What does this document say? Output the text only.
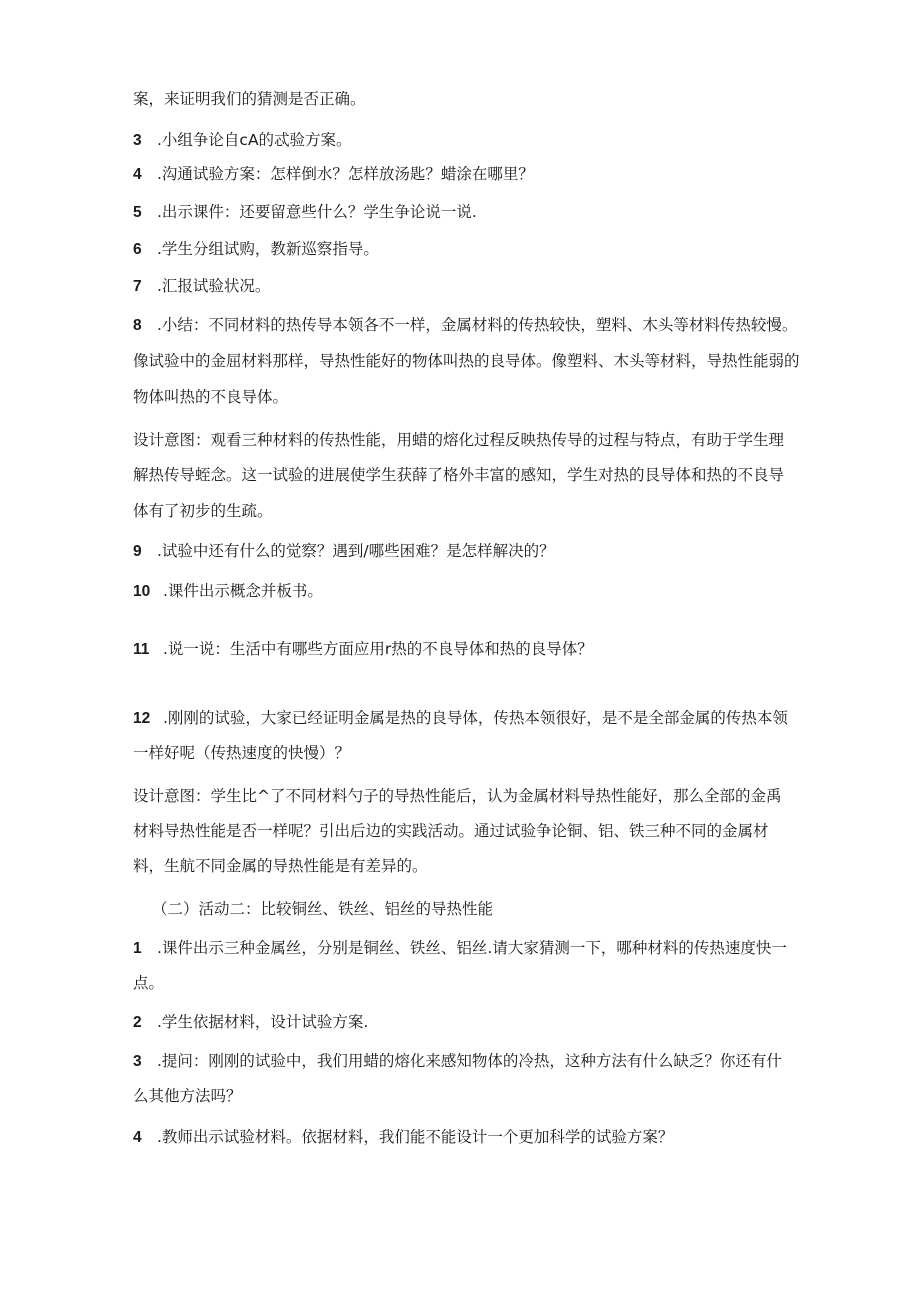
案，来证明我们的猜测是否正确。
3 .小组争论自cA的忒验方案。
4 .沟通试验方案：怎样倒水？怎样放汤匙？蜡涂在哪里？
5 .出示课件：还要留意些什么？学生争论说一说.
6 .学生分组试购，教新巡察指导。
7 .汇报试验状况。
8 .小结：不同材料的热传导本领各不一样，金属材料的传热较快，塑料、木头等材料传热较慢。
像试验中的金屈材料那样，导热性能好的物体叫热的良导体。像塑料、木头等材料，导热性能弱的
物体叫热的不良导体。
设计意图：观看三种材料的传热性能，用蜡的熔化过程反映热传导的过程与特点，有助于学生理
解热传导蛭念。这一试验的进展使学生获薛了格外丰富的感知，学生对热的艮导体和热的不良导
体有了初步的生疏。
9 .试验中还有什么的觉察？遇到/哪些困难？是怎样解决的？
10 .课件出示概念并板书。
11 .说一说：生活中有哪些方面应用r热的不良导体和热的良导体？
12 .刚刚的试验，大家已经证明金属是热的良导体，传热本领很好，是不是全部金属的传热本领
一样好呢（传热速度的快慢）？
设计意图：学生比^了不同材料勺子的导热性能后，认为金属材料导热性能好，那么全部的金禹
材料导热性能是否一样呢？引出后边的实践活动。通过试验争论铜、铝、铁三种不同的金属材
料，生航不同金属的导热性能是有差异的。
（二）活动二：比较铜丝、铁丝、铝丝的导热性能
1 .课件出示三种金属丝，分别是铜丝、铁丝、铝丝.请大家猜测一下，哪种材料的传热速度快一
点。
2 .学生依据材料，设计试验方案.
3 .提问：刚刚的试验中，我们用蜡的熔化来感知物体的冷热，这种方法有什么缺乏？你还有什
么其他方法吗？
4 .教师出示试验材料。依据材料，我们能不能设计一个更加科学的试验方案？
